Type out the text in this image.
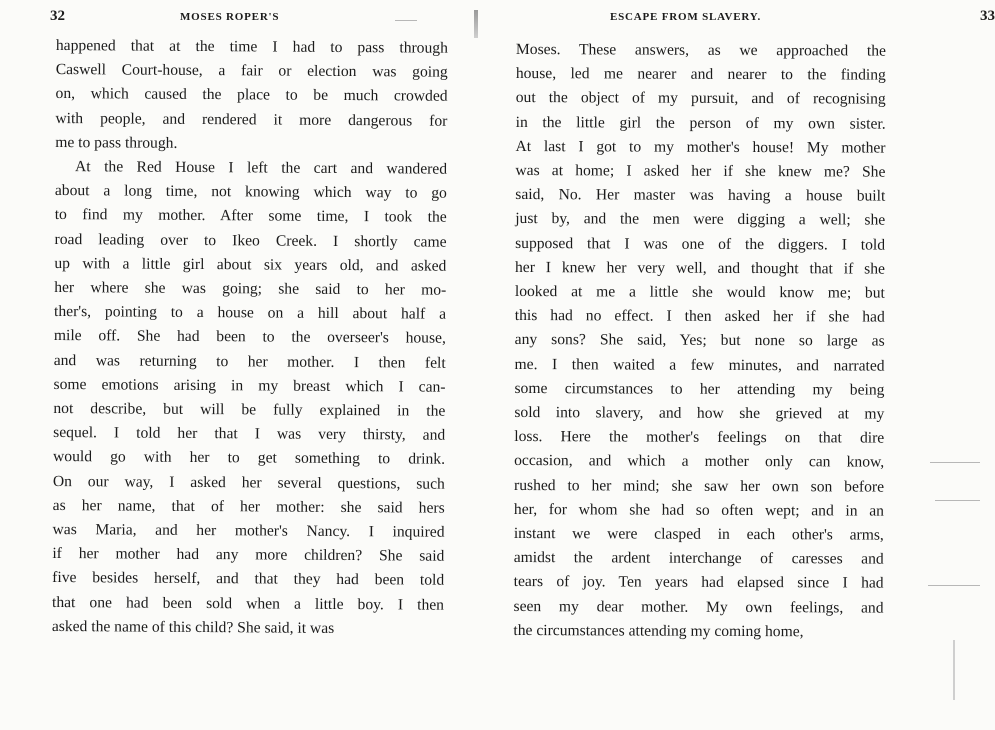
32	MOSES ROPER'S
happened that at the time I had to pass through
Caswell Court-house, a fair or election was going
on, which caused the place to be much crowded
with people, and rendered it more dangerous for
me to pass through.
At the Red House I left the cart and wandered
about a long time, not knowing which way to go
to find my mother. After some time, I took the
road leading over to Ikeo Creek. I shortly came
up with a little girl about six years old, and asked
her where she was going; she said to her mo-
ther's, pointing to a house on a hill about half a
mile off. She had been to the overseer's house,
and was returning to her mother. I then felt
some emotions arising in my breast which I can-
not describe, but will be fully explained in the
sequel. I told her that I was very thirsty, and
would go with her to get something to drink.
On our way, I asked her several questions, such
as her name, that of her mother: she said hers
was Maria, and her mother's Nancy. I inquired
if her mother had any more children? She said
five besides herself, and that they had been told
that one had been sold when a little boy. I then
asked the name of this child? She said, it was
ESCAPE FROM SLAVERY.	33
Moses. These answers, as we approached the
house, led me nearer and nearer to the finding
out the object of my pursuit, and of recognising
in the little girl the person of my own sister.
At last I got to my mother's house! My mother
was at home; I asked her if she knew me? She
said, No. Her master was having a house built
just by, and the men were digging a well; she
supposed that I was one of the diggers. I told
her I knew her very well, and thought that if she
looked at me a little she would know me; but
this had no effect. I then asked her if she had
any sons? She said, Yes; but none so large as
me. I then waited a few minutes, and narrated
some circumstances to her attending my being
sold into slavery, and how she grieved at my
loss. Here the mother's feelings on that dire
occasion, and which a mother only can know,
rushed to her mind; she saw her own son before
her, for whom she had so often wept; and in an
instant we were clasped in each other's arms,
amidst the ardent interchange of caresses and
tears of joy. Ten years had elapsed since I had
seen my dear mother. My own feelings, and
the circumstances attending my coming home,
